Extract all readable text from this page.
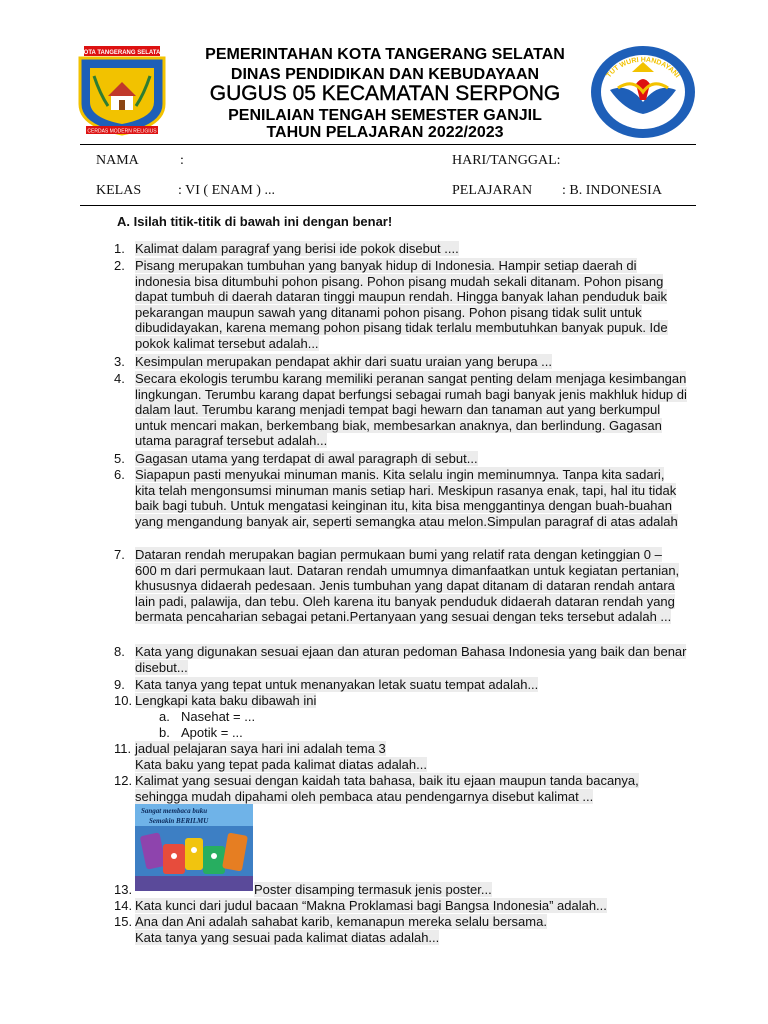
KOTA TANGERANG SELATAN
CERDAS MODERN RELIGIUS
TUT WURI HANDAYANI
PEMERINTAHAN KOTA TANGERANG SELATAN
DINAS PENDIDIKAN DAN KEBUDAYAAN
GUGUS 05 KECAMATAN SERPONG
PENILAIAN TENGAH SEMESTER GANJIL
TAHUN PELAJARAN 2022/2023
NAMA	:	HARI/TANGGAL:
KELAS	: VI ( ENAM ) ...	PELAJARAN : B. INDONESIA
A. Isilah titik-titik di bawah ini dengan benar!
1. Kalimat dalam paragraf yang berisi ide pokok disebut ....
2. Pisang merupakan tumbuhan yang banyak hidup di Indonesia. Hampir setiap daerah di indonesia bisa ditumbuhi pohon pisang. Pohon pisang mudah sekali ditanam. Pohon pisang dapat tumbuh di daerah dataran tinggi maupun rendah. Hingga banyak lahan penduduk baik pekarangan maupun sawah yang ditanami pohon pisang. Pohon pisang tidak sulit untuk dibudidayakan, karena memang pohon pisang tidak terlalu membutuhkan banyak pupuk. Ide pokok kalimat tersebut adalah...
3. Kesimpulan merupakan pendapat akhir dari suatu uraian yang berupa ...
4. Secara ekologis terumbu karang memiliki peranan sangat penting delam menjaga kesimbangan lingkungan. Terumbu karang dapat berfungsi sebagai rumah bagi banyak jenis makhluk hidup di dalam laut. Terumbu karang menjadi tempat bagi hewarn dan tanaman aut yang berkumpul untuk mencari makan, berkembang biak, membesarkan anaknya, dan berlindung. Gagasan utama paragraf tersebut adalah...
5. Gagasan utama yang terdapat di awal paragraph di sebut...
6. Siapapun pasti menyukai minuman manis. Kita selalu ingin meminumnya. Tanpa kita sadari, kita telah mengonsumsi minuman manis setiap hari. Meskipun rasanya enak, tapi, hal itu tidak baik bagi tubuh. Untuk mengatasi keinginan itu, kita bisa menggantinya dengan buah-buahan yang mengandung banyak air, seperti semangka atau melon.Simpulan paragraf di atas adalah
7. Dataran rendah merupakan bagian permukaan bumi yang relatif rata dengan ketinggian 0 – 600 m dari permukaan laut. Dataran rendah umumnya dimanfaatkan untuk kegiatan pertanian, khususnya didaerah pedesaan. Jenis tumbuhan yang dapat ditanam di dataran rendah antara lain padi, palawija, dan tebu. Oleh karena itu banyak penduduk didaerah dataran rendah yang bermata pencaharian sebagai petani.Pertanyaan yang sesuai dengan teks tersebut adalah ...
8. Kata yang digunakan sesuai ejaan dan aturan pedoman Bahasa Indonesia yang baik dan benar disebut...
9. Kata tanya yang tepat untuk menanyakan letak suatu tempat adalah...
10. Lengkapi kata baku dibawah ini
a. Nasehat = ...
b. Apotik = ...
11. jadual pelajaran saya hari ini adalah tema 3
Kata baku yang tepat pada kalimat diatas adalah...
12. Kalimat yang sesuai dengan kaidah tata bahasa, baik itu ejaan maupun tanda bacanya, sehingga mudah dipahami oleh pembaca atau pendengarnya disebut kalimat ...
Sangat membaca buku
Semakin BERILMU
13.	Poster disamping termasuk jenis poster...
14. Kata kunci dari judul bacaan “Makna Proklamasi bagi Bangsa Indonesia” adalah...
15. Ana dan Ani adalah sahabat karib, kemanapun mereka selalu bersama.
Kata tanya yang sesuai pada kalimat diatas adalah...
